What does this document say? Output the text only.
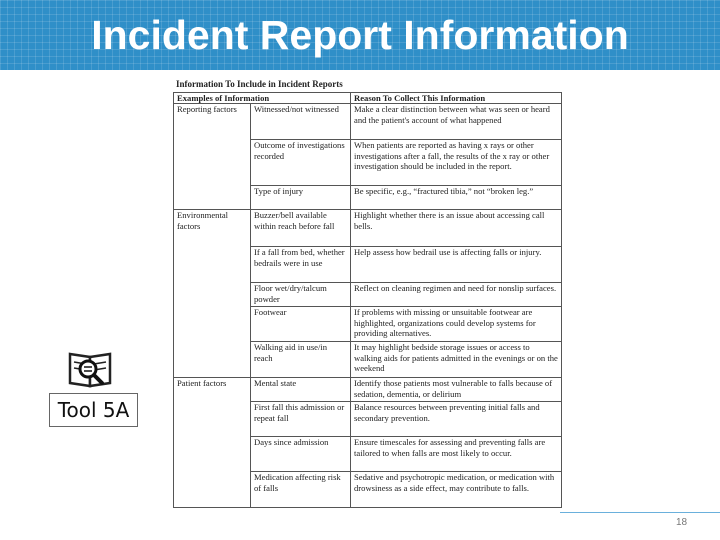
Incident Report Information
Information To Include in Incident Reports
Examples of Information		Reason To Collect This Information
Reporting factors	Witnessed/not witnessed	Make a clear distinction between what was seen or heard and the patient's account of what happened
	Outcome of investigations recorded	When patients are reported as having x rays or other investigations after a fall, the results of the x ray or other investigation should be included in the report.
	Type of injury	Be specific, e.g., “fractured tibia,” not “broken leg.”
Environmental factors	Buzzer/bell available within reach before fall	Highlight whether there is an issue about accessing call bells.
	If a fall from bed, whether bedrails were in use	Help assess how bedrail use is affecting falls or injury.
	Floor wet/dry/talcum powder	Reflect on cleaning regimen and need for nonslip surfaces.
	Footwear	If problems with missing or unsuitable footwear are highlighted, organizations could develop systems for providing alternatives.
	Walking aid in use/in reach	It may highlight bedside storage issues or access to walking aids for patients admitted in the evenings or on the weekend
Patient factors	Mental state	Identify those patients most vulnerable to falls because of sedation, dementia, or delirium
	First fall this admission or repeat fall	Balance resources between preventing initial falls and secondary prevention.
	Days since admission	Ensure timescales for assessing and preventing falls are tailored to when falls are most likely to occur.
	Medication affecting risk of falls	Sedative and psychotropic medication, or medication with drowsiness as a side effect, may contribute to falls.
Tool 5A
18
